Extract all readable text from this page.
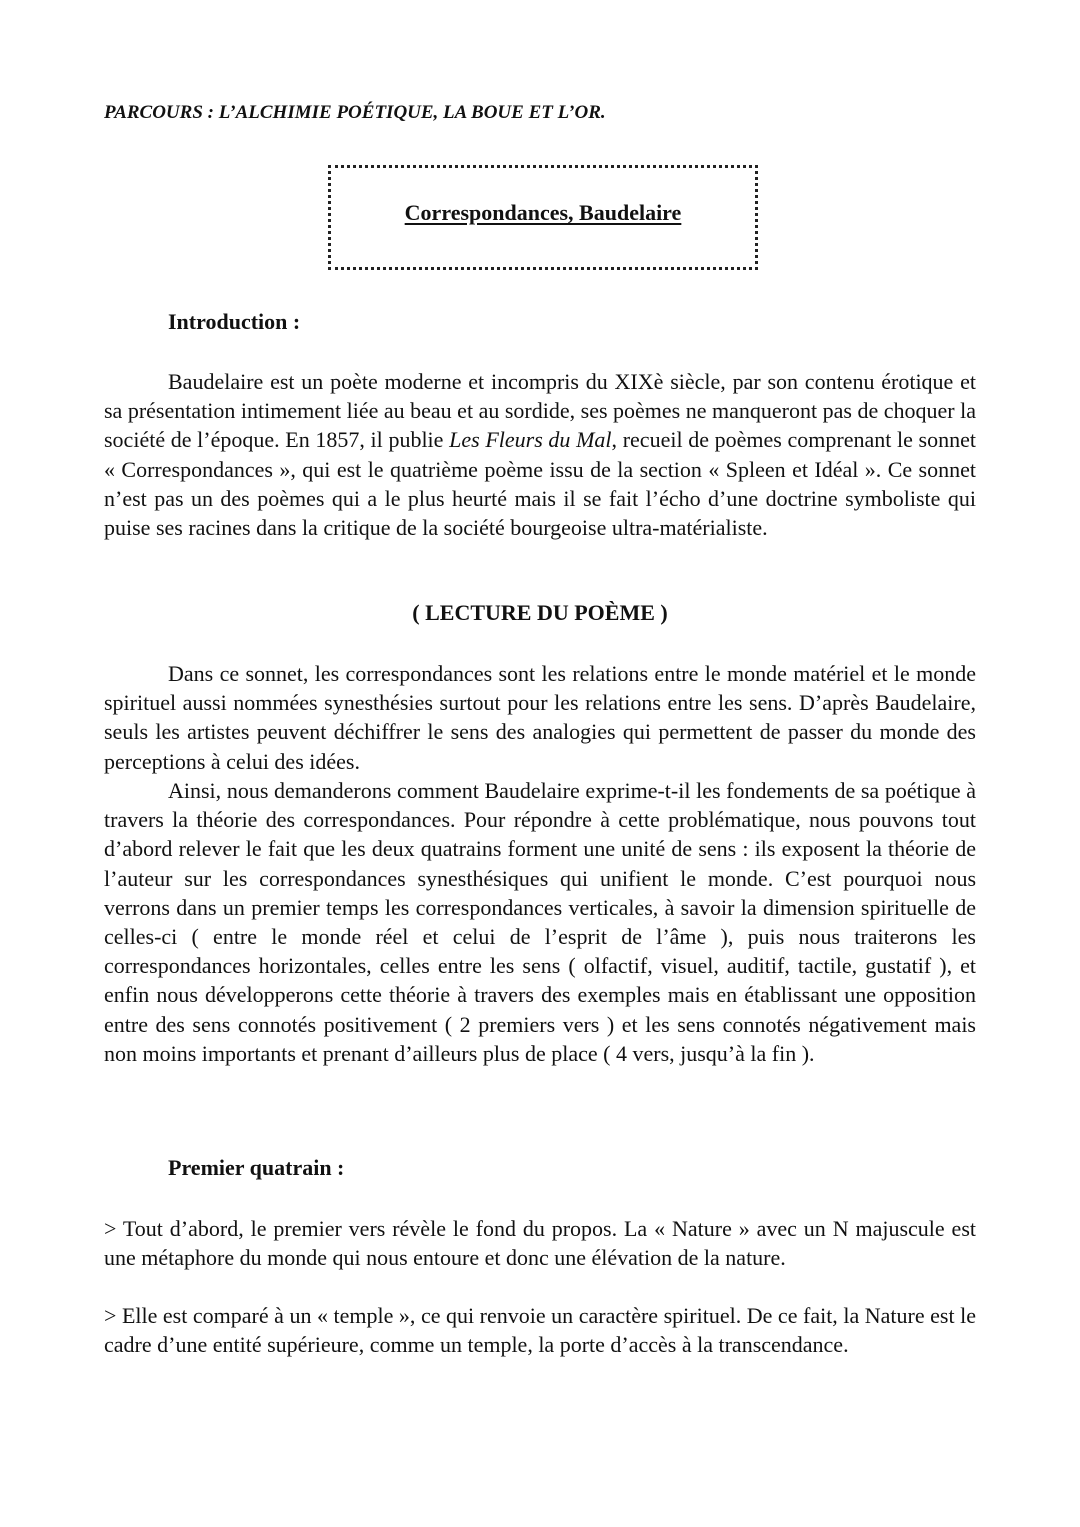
PARCOURS : L’ALCHIMIE POÉTIQUE, LA BOUE ET L’OR.
Correspondances, Baudelaire
Introduction :

Baudelaire est un poète moderne et incompris du XIXè siècle, par son contenu érotique et sa présentation intimement liée au beau et au sordide, ses poèmes ne manqueront pas de choquer la société de l’époque. En 1857, il publie Les Fleurs du Mal, recueil de poèmes comprenant le sonnet « Correspondances », qui est le quatrième poème issu de la section « Spleen et Idéal ». Ce sonnet n’est pas un des poèmes qui a le plus heurté mais il se fait l’écho d’une doctrine symboliste qui puise ses racines dans la critique de la société bourgeoise ultra-matérialiste.

( LECTURE DU POÈME )

Dans ce sonnet, les correspondances sont les relations entre le monde matériel et le monde spirituel aussi nommées synesthésies surtout pour les relations entre les sens. D’après Baudelaire, seuls les artistes peuvent déchiffrer le sens des analogies qui permettent de passer du monde des perceptions à celui des idées.

Ainsi, nous demanderons comment Baudelaire exprime-t-il les fondements de sa poétique à travers la théorie des correspondances. Pour répondre à cette problématique, nous pouvons tout d’abord relever le fait que les deux quatrains forment une unité de sens : ils exposent la théorie de l’auteur sur les correspondances synesthésiques qui unifient le monde. C’est pourquoi nous verrons dans un premier temps les correspondances verticales, à savoir la dimension spirituelle de celles-ci ( entre le monde réel et celui de l’esprit de l’âme ), puis nous traiterons les correspondances horizontales, celles entre les sens ( olfactif, visuel, auditif, tactile, gustatif ), et enfin nous développerons cette théorie à travers des exemples mais en établissant une opposition entre des sens connotés positivement ( 2 premiers vers ) et les sens connotés négativement mais non moins importants et prenant d’ailleurs plus de place ( 4 vers, jusqu’à la fin ).

Premier quatrain :

> Tout d’abord, le premier vers révèle le fond du propos. La « Nature » avec un N majuscule est une métaphore du monde qui nous entoure et donc une élévation de la nature.

> Elle est comparé à un « temple », ce qui renvoie un caractère spirituel. De ce fait, la Nature est le cadre d’une entité supérieure, comme un temple, la porte d’accès à la transcendance.
